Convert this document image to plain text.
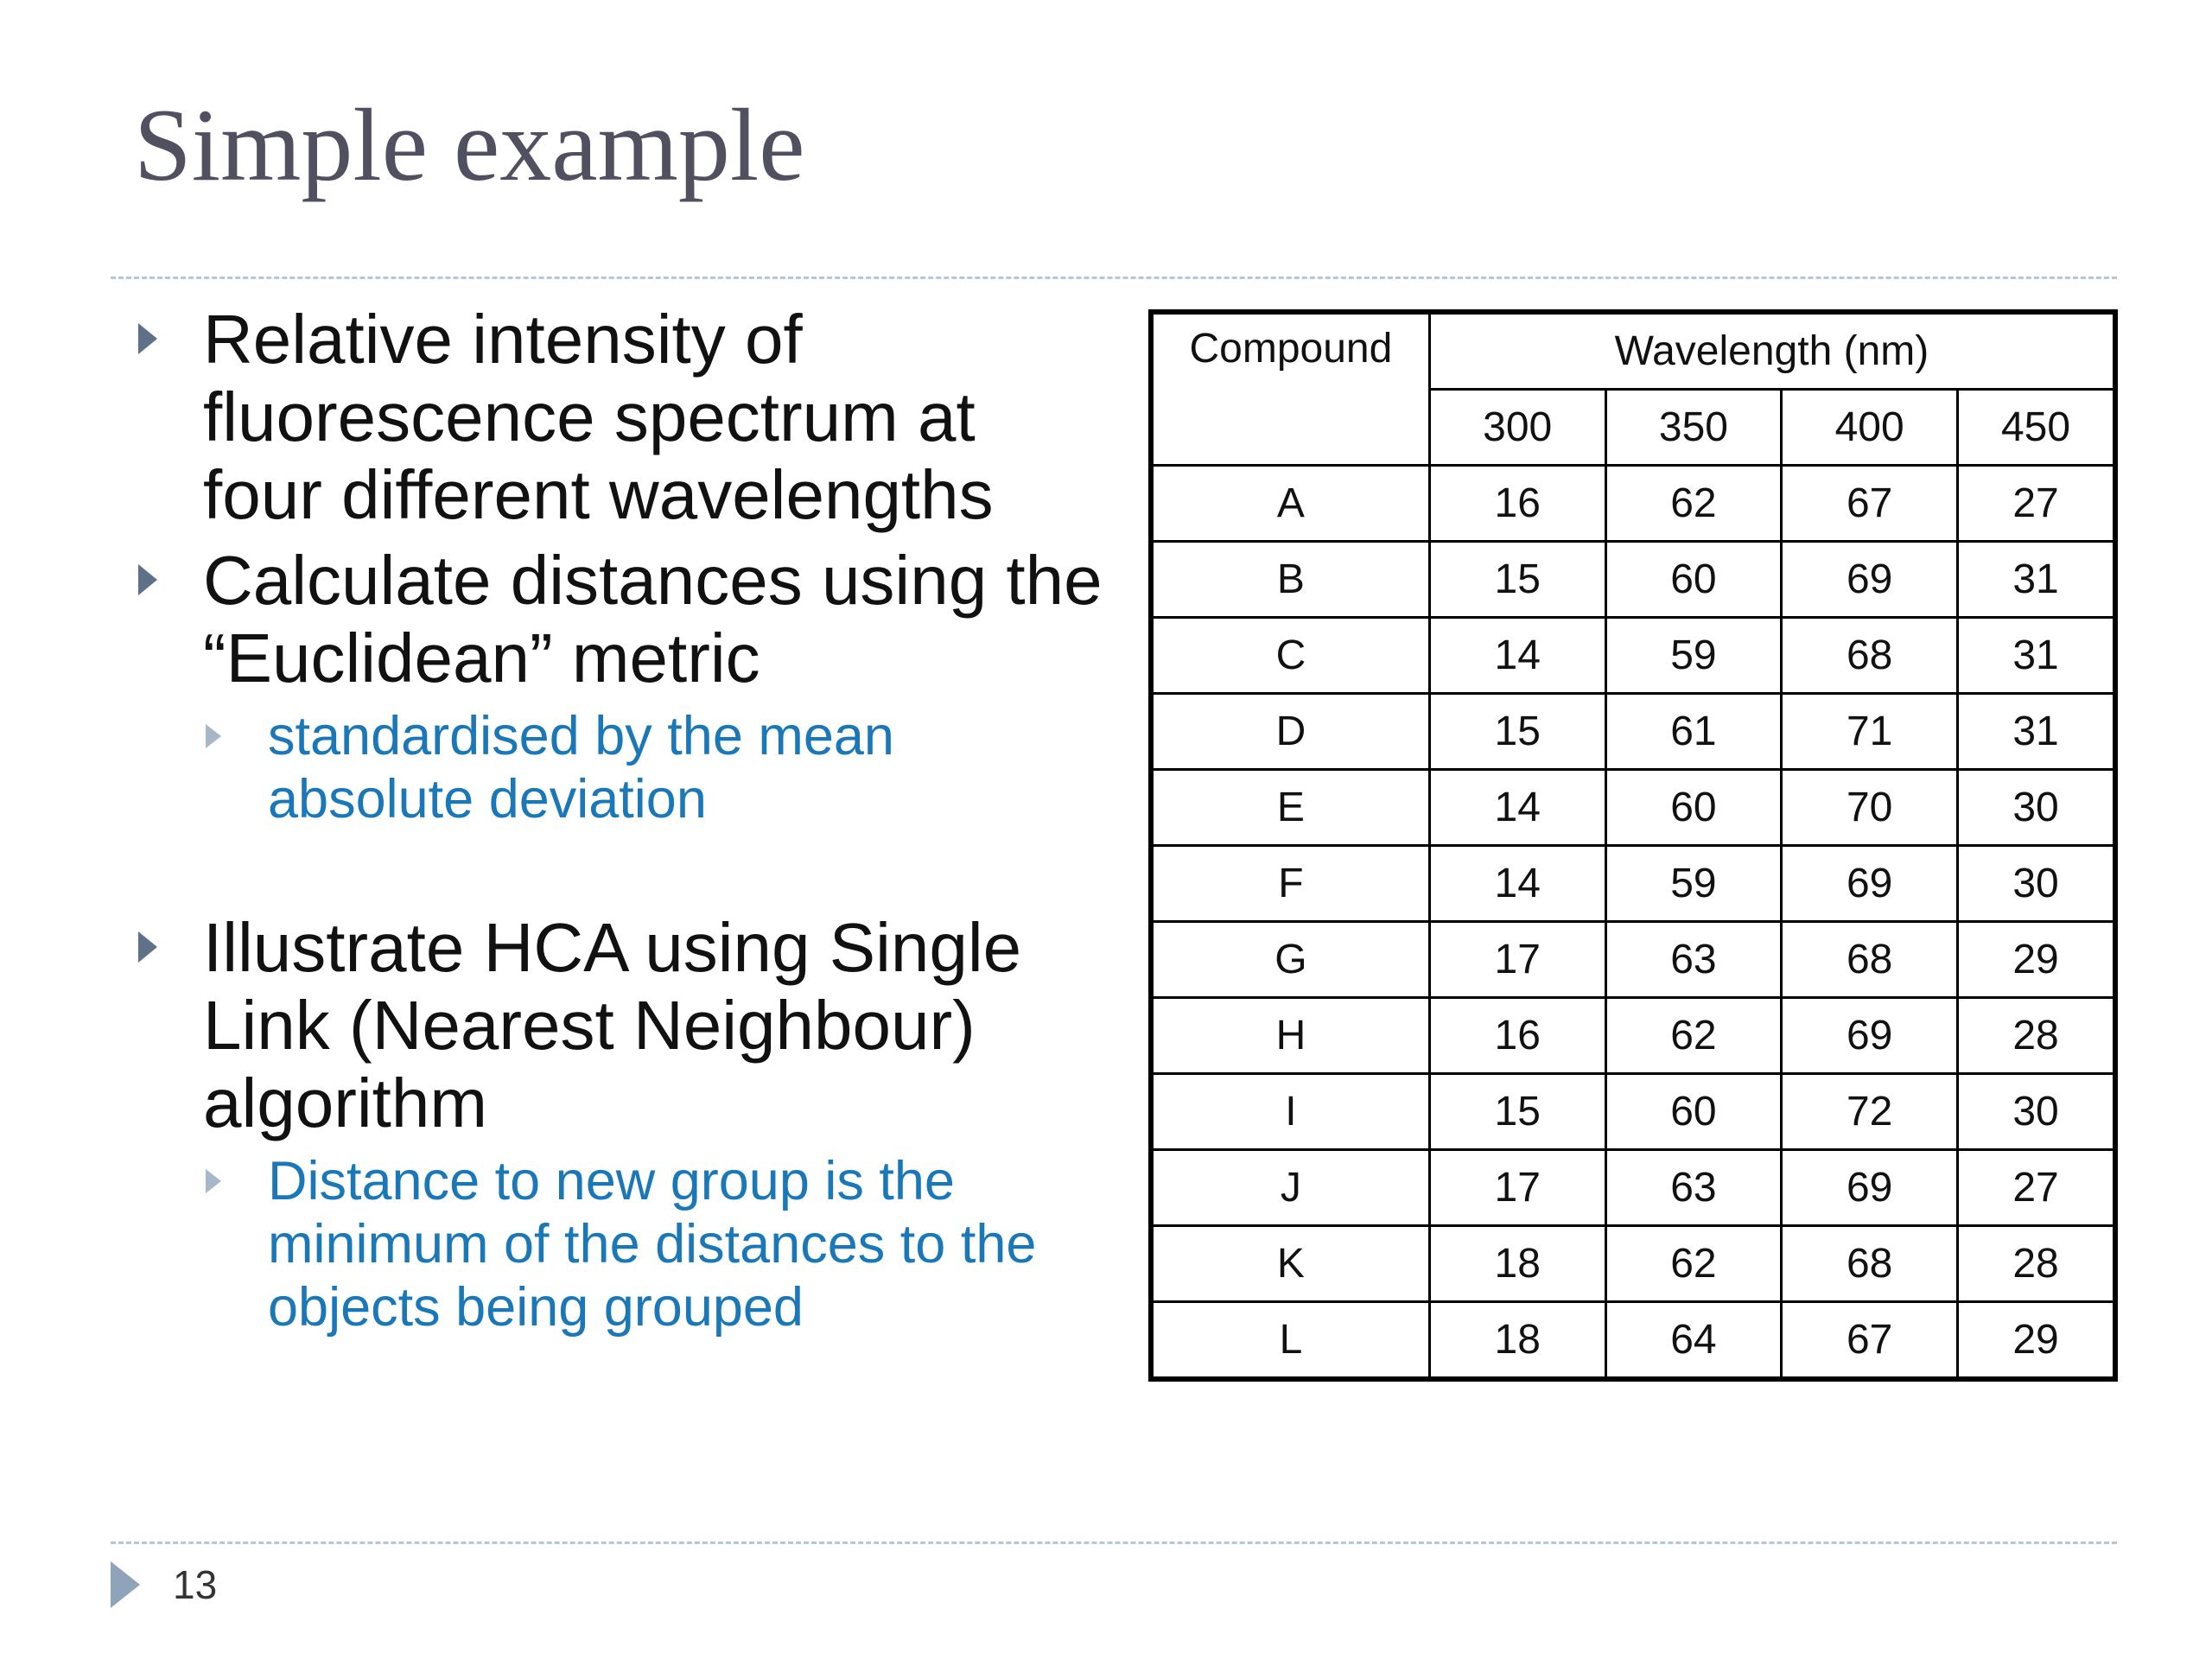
Simple example
Relative intensity of fluorescence spectrum at four different wavelengths
Calculate distances using the “Euclidean” metric
standardised by the mean absolute deviation
Illustrate HCA using Single Link (Nearest Neighbour) algorithm
Distance to new group is the minimum of the distances to the objects being grouped
Compound	Wavelength (nm)			
	300	350	400	450
A	16	62	67	27
B	15	60	69	31
C	14	59	68	31
D	15	61	71	31
E	14	60	70	30
F	14	59	69	30
G	17	63	68	29
H	16	62	69	28
I	15	60	72	30
J	17	63	69	27
K	18	62	68	28
L	18	64	67	29
13
